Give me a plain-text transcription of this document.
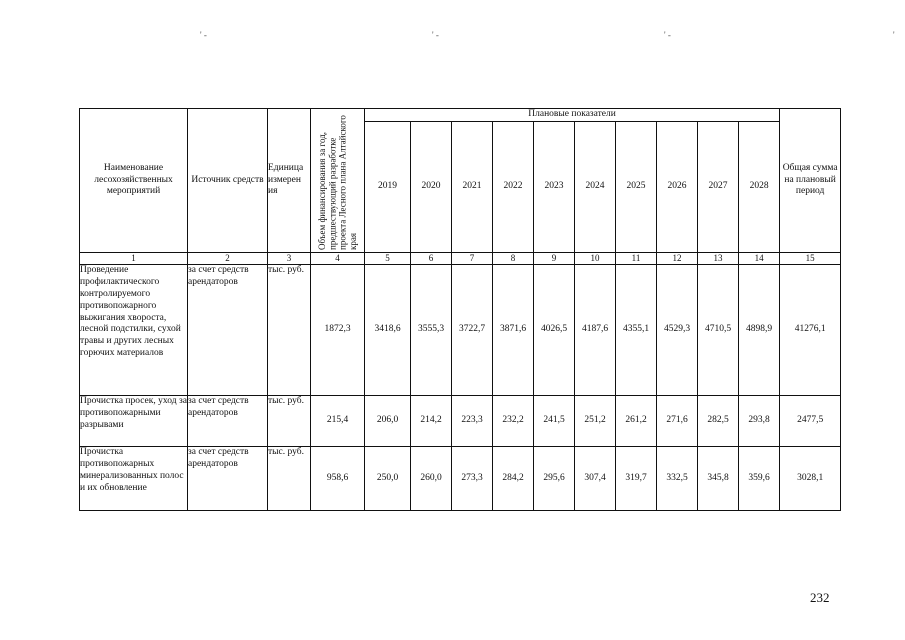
' -	' -	' -	'
Наименование лесохозяйственных мероприятий	Источник средств	Единица измерен ия	Объем финансирования за год, предшествующий разработке проекта Лесного плана Алтайского края	Плановые показатели										Общая сумма на плановый период
				2019	2020	2021	2022	2023	2024	2025	2026	2027	2028	
1	2	3	4	5	6	7	8	9	10	11	12	13	14	15
Проведение профилактического контролируемого противопожарного выжигания хвороста, лесной подстилки, сухой травы и других лесных горючих материалов	за счет средств арендаторов	тыс. руб.	1872,3	3418,6	3555,3	3722,7	3871,6	4026,5	4187,6	4355,1	4529,3	4710,5	4898,9	41276,1
Прочистка просек, уход за противопожарными разрывами	за счет средств арендаторов	тыс. руб.	215,4	206,0	214,2	223,3	232,2	241,5	251,2	261,2	271,6	282,5	293,8	2477,5
Прочистка противопожарных минерализованных полос и их обновление	за счет средств арендаторов	тыс. руб.	958,6	250,0	260,0	273,3	284,2	295,6	307,4	319,7	332,5	345,8	359,6	3028,1
232
